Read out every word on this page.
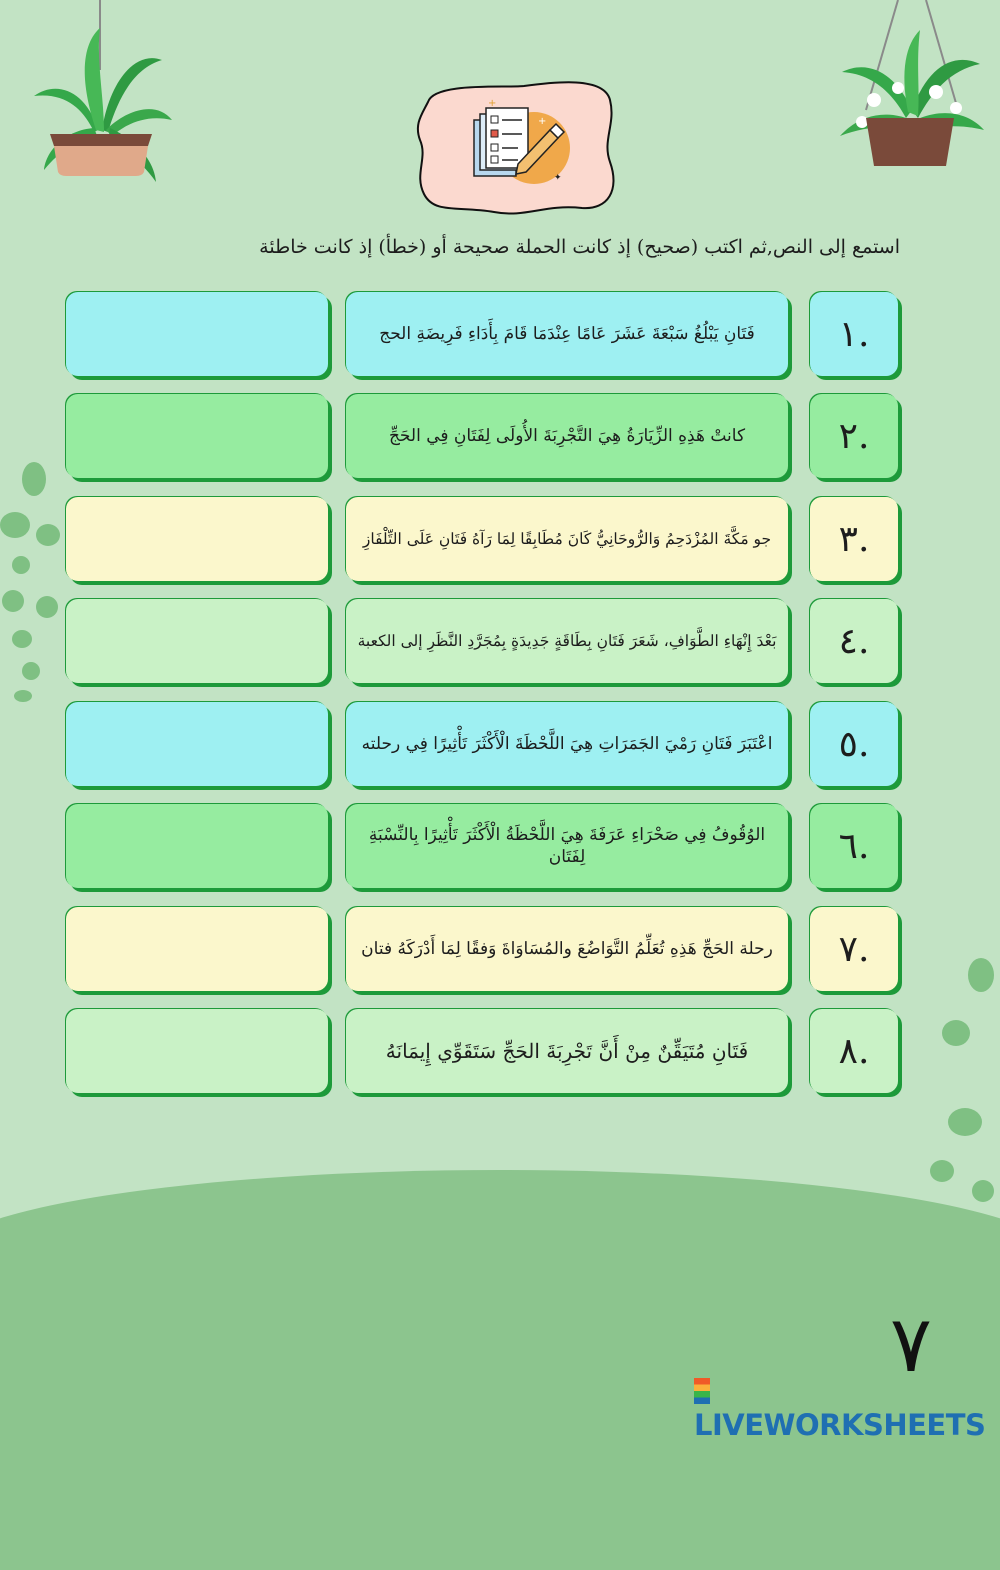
+
+
✦
استمع إلى النص,ثم اكتب (صحيح) إذ كانت الحملة صحيحة أو (خطأ) إذ كانت خاطئة
فَتَانِ يَبْلُغُ سَبْعَةَ عَشَرَ عَامًا عِنْدَمَا قَامَ بِأَدَاءِ فَرِيضَةِ الحج	.١
كانتْ هَذِهِ الزِّيَارَةُ هِيَ التَّجْرِبَةَ الأُولَى لِفَتَانِ فِي الحَجِّ	.٢
جو مَكَّةَ المُزْدَحِمُ وَالرُّوحَانِيُّ كَانَ مُطَابِقًا لِمَا رَآهُ فَتَانِ عَلَى التِّلْفَازِ	.٣
بَعْدَ إِنْهَاءِ الطَّوَافِ، شَعَرَ فَتَانِ بِطَاقَةٍ جَدِيدَةٍ بِمُجَرَّدِ النَّظَرِ إلى الكعبة	.٤
اعْتَبَرَ فَتَانِ رَمْيَ الجَمَرَاتِ هِيَ اللَّحْظَةَ الْأَكْثَرَ تَأْثِيرًا فِي رحلته	.٥
الوُقُوفُ فِي صَحْرَاءِ عَرَفَةَ هِيَ اللَّحْظَةُ الْأَكْثَرَ تَأْثِيرًا بِالنِّسْبَةِ لِفَتَان	.٦
رحلة الحَجِّ هَذِهِ تُعَلِّمُ التَّوَاضُعَ والمُسَاوَاةَ وَفقًا لِمَا أَدْرَكَهُ فتان	.٧
فَتَانِ مُتَيَقِّنٌ مِنْ أَنَّ تَجْرِبَةَ الحَجِّ سَتَقَوِّي إِيمَانَهُ	.٨
٧
LIVEWORKSHEETS
